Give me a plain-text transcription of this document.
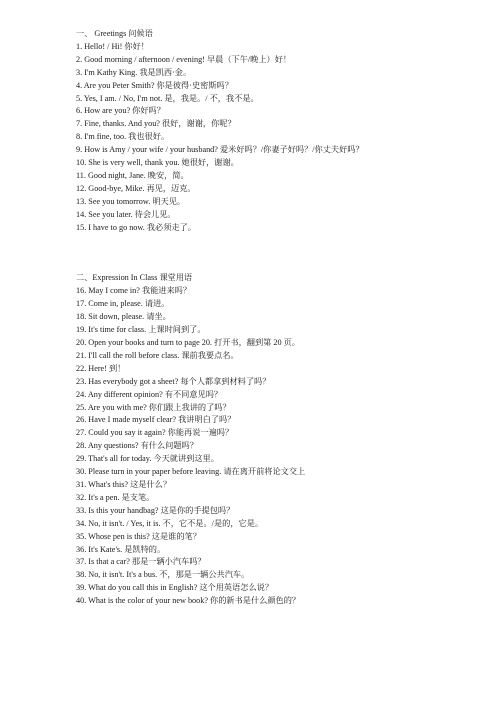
一、 Greetings 问候语
1. Hello! / Hi! 你好！
2. Good morning / afternoon / evening! 早晨（下午/晚上）好！
3. I'm Kathy King. 我是凯西·金。
4. Are you Peter Smith? 你是彼得·史密斯吗？
5. Yes, I am. / No, I'm not. 是，我是。/ 不，我不是。
6. How are you? 你好吗？
7. Fine, thanks. And you? 很好，谢谢，你呢？
8. I'm fine, too. 我也很好。
9. How is Amy / your wife / your husband? 爱米好吗？/你妻子好吗？/你丈夫好吗？
10. She is very well, thank you. 她很好，谢谢。
11. Good night, Jane. 晚安，简。
12. Good-bye, Mike. 再见，迈克。
13. See you tomorrow. 明天见。
14. See you later. 待会儿见。
15. I have to go now. 我必须走了。
二、Expression In Class 课堂用语
16. May I come in? 我能进来吗？
17. Come in, please. 请进。
18. Sit down, please. 请坐。
19. It's time for class. 上课时间到了。
20. Open your books and turn to page 20. 打开书，翻到第 20 页。
21. I'll call the roll before class. 课前我要点名。
22. Here! 到！
23. Has everybody got a sheet? 每个人都拿到材料了吗？
24. Any different opinion? 有不同意见吗？
25. Are you with me? 你们跟上我讲的了吗？
26. Have I made myself clear? 我讲明白了吗？
27. Could you say it again? 你能再说一遍吗？
28. Any questions? 有什么问题吗？
29. That's all for today. 今天就讲到这里。
30. Please turn in your paper before leaving. 请在离开前将论文交上
31. What's this? 这是什么？
32. It's a pen. 是支笔。
33. Is this your handbag? 这是你的手提包吗？
34. No, it isn't. / Yes, it is. 不，它不是。/是的，它是。
35. Whose pen is this? 这是谁的笔？
36. It's Kate's. 是凯特的。
37. Is that a car? 那是一辆小汽车吗？
38. No, it isn't. It's a bus. 不，那是一辆公共汽车。
39. What do you call this in English? 这个用英语怎么说？
40. What is the color of your new book? 你的新书是什么颜色的？
